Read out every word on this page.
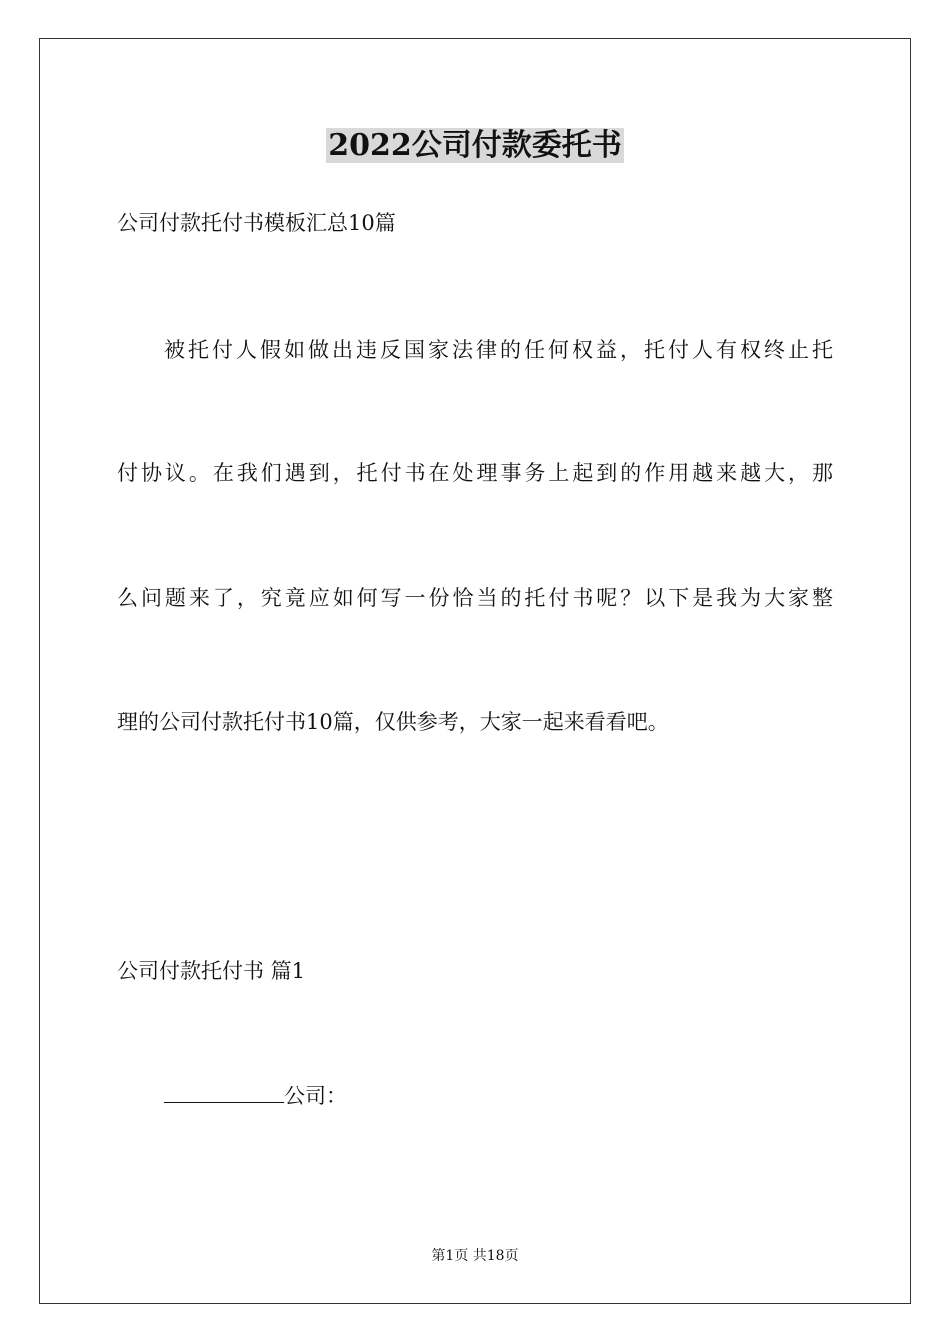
2022公司付款委托书
公司付款托付书模板汇总10篇
被托付人假如做出违反国家法律的任何权益，托付人有权终止托
付协议。在我们遇到，托付书在处理事务上起到的作用越来越大，那
么问题来了，究竟应如何写一份恰当的托付书呢？以下是我为大家整
理的公司付款托付书10篇，仅供参考，大家一起来看看吧。
公司付款托付书 篇1
公司：
第1页 共18页
